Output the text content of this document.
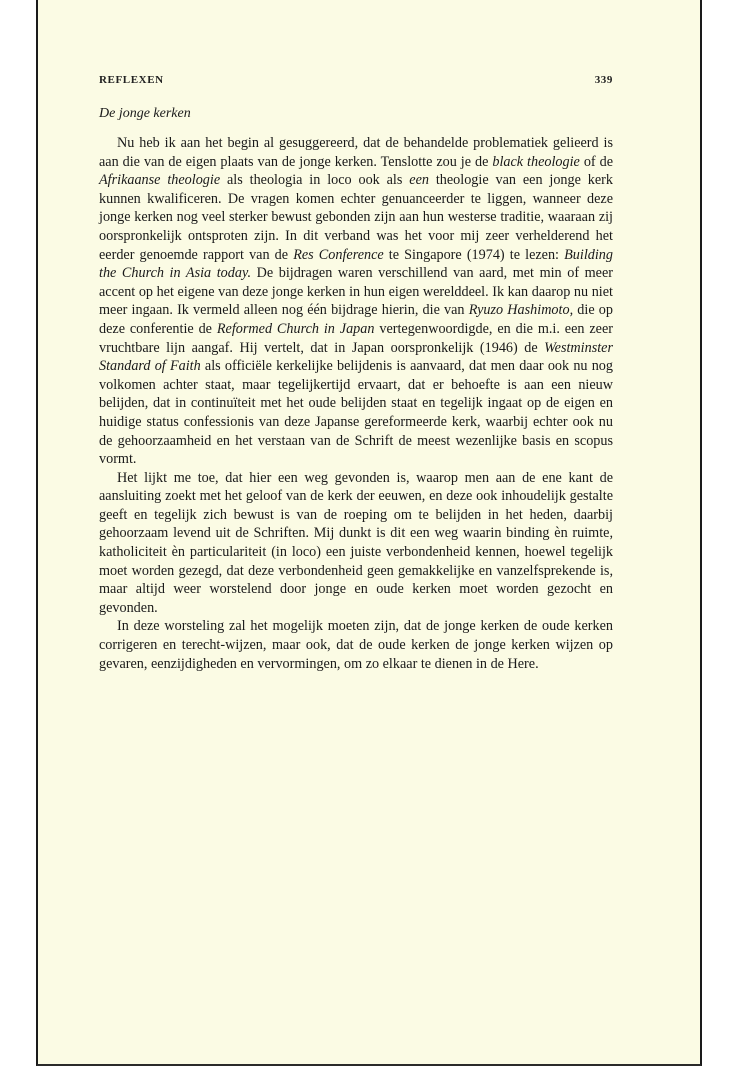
REFLEXEN	339
De jonge kerken

Nu heb ik aan het begin al gesuggereerd, dat de behandelde problematiek gelieerd is aan die van de eigen plaats van de jonge kerken. Tenslotte zou je de black theologie of de Afrikaanse theologie als theologia in loco ook als een theologie van een jonge kerk kunnen kwalificeren. De vragen komen echter genuanceerder te liggen, wanneer deze jonge kerken nog veel sterker bewust gebonden zijn aan hun westerse traditie, waaraan zij oorspronkelijk ontsproten zijn. In dit verband was het voor mij zeer verhelderend het eerder genoemde rapport van de Res Conference te Singapore (1974) te lezen: Building the Church in Asia today. De bijdragen waren verschillend van aard, met min of meer accent op het eigene van deze jonge kerken in hun eigen werelddeel. Ik kan daarop nu niet meer ingaan. Ik vermeld alleen nog één bijdrage hierin, die van Ryuzo Hashimoto, die op deze conferentie de Reformed Church in Japan vertegenwoordigde, en die m.i. een zeer vruchtbare lijn aangaf. Hij vertelt, dat in Japan oorspronkelijk (1946) de Westminster Standard of Faith als officiële kerkelijke belijdenis is aanvaard, dat men daar ook nu nog volkomen achter staat, maar tegelijkertijd ervaart, dat er behoefte is aan een nieuw belijden, dat in continuïteit met het oude belijden staat en tegelijk ingaat op de eigen en huidige status confessionis van deze Japanse gereformeerde kerk, waarbij echter ook nu de gehoorzaamheid en het verstaan van de Schrift de meest wezenlijke basis en scopus vormt.

Het lijkt me toe, dat hier een weg gevonden is, waarop men aan de ene kant de aansluiting zoekt met het geloof van de kerk der eeuwen, en deze ook inhoudelijk gestalte geeft en tegelijk zich bewust is van de roeping om te belijden in het heden, daarbij gehoorzaam levend uit de Schriften. Mij dunkt is dit een weg waarin binding èn ruimte, katholiciteit èn particulariteit (in loco) een juiste verbondenheid kennen, hoewel tegelijk moet worden gezegd, dat deze verbondenheid geen gemakkelijke en vanzelfsprekende is, maar altijd weer worstelend door jonge en oude kerken moet worden gezocht en gevonden.

In deze worsteling zal het mogelijk moeten zijn, dat de jonge kerken de oude kerken corrigeren en terecht-wijzen, maar ook, dat de oude kerken de jonge kerken wijzen op gevaren, eenzijdigheden en vervormingen, om zo elkaar te dienen in de Here.
